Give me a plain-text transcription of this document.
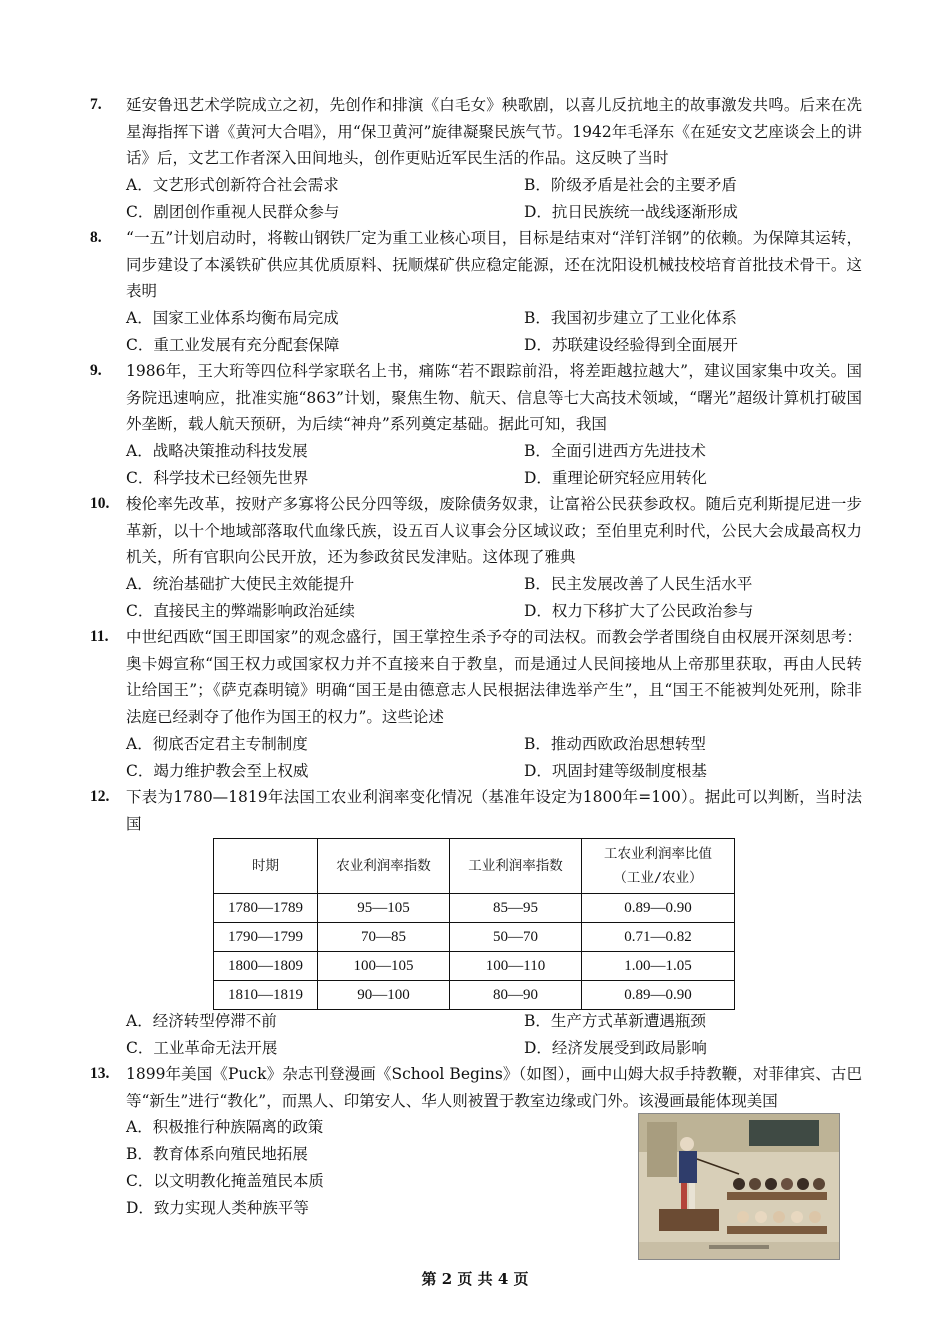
7. 延安鲁迅艺术学院成立之初，先创作和排演《白毛女》秧歌剧，以喜儿反抗地主的故事激发共鸣。后来在冼星海指挥下谱《黄河大合唱》，用“保卫黄河”旋律凝聚民族气节。1942年毛泽东《在延安文艺座谈会上的讲话》后，文艺工作者深入田间地头，创作更贴近军民生活的作品。这反映了当时
A．文艺形式创新符合社会需求	B．阶级矛盾是社会的主要矛盾
C．剧团创作重视人民群众参与	D．抗日民族统一战线逐渐形成
8. “一五”计划启动时，将鞍山钢铁厂定为重工业核心项目，目标是结束对“洋钉洋钢”的依赖。为保障其运转，同步建设了本溪铁矿供应其优质原料、抚顺煤矿供应稳定能源，还在沈阳设机械技校培育首批技术骨干。这表明
A．国家工业体系均衡布局完成	B．我国初步建立了工业化体系
C．重工业发展有充分配套保障	D．苏联建设经验得到全面展开
9. 1986年，王大珩等四位科学家联名上书，痛陈“若不跟踪前沿，将差距越拉越大”，建议国家集中攻关。国务院迅速响应，批准实施“863”计划，聚焦生物、航天、信息等七大高技术领域，“曙光”超级计算机打破国外垄断，载人航天预研，为后续“神舟”系列奠定基础。据此可知，我国
A．战略决策推动科技发展	B．全面引进西方先进技术
C．科学技术已经领先世界	D．重理论研究轻应用转化
10. 梭伦率先改革，按财产多寡将公民分四等级，废除债务奴隶，让富裕公民获参政权。随后克利斯提尼进一步革新，以十个地域部落取代血缘氏族，设五百人议事会分区域议政；至伯里克利时代，公民大会成最高权力机关，所有官职向公民开放，还为参政贫民发津贴。这体现了雅典
A．统治基础扩大使民主效能提升	B．民主发展改善了人民生活水平
C．直接民主的弊端影响政治延续	D．权力下移扩大了公民政治参与
11. 中世纪西欧“国王即国家”的观念盛行，国王掌控生杀予夺的司法权。而教会学者围绕自由权展开深刻思考：奥卡姆宣称“国王权力或国家权力并不直接来自于教皇，而是通过人民间接地从上帝那里获取，再由人民转让给国王”；《萨克森明镜》明确“国王是由德意志人民根据法律选举产生”，且“国王不能被判处死刑，除非法庭已经剥夺了他作为国王的权力”。这些论述
A．彻底否定君主专制制度	B．推动西欧政治思想转型
C．竭力维护教会至上权威	D．巩固封建等级制度根基
12. 下表为1780—1819年法国工农业利润率变化情况（基准年设定为1800年=100）。据此可以判断，当时法国
时期	农业利润率指数	工业利润率指数	工农业利润率比值
（工业/农业）
1780—1789	95—105	85—95	0.89—0.90
1790—1799	70—85	50—70	0.71—0.82
1800—1809	100—105	100—110	1.00—1.05
1810—1819	90—100	80—90	0.89—0.90
A．经济转型停滞不前	B．生产方式革新遭遇瓶颈
C．工业革命无法开展	D．经济发展受到政局影响
13. 1899年美国《Puck》杂志刊登漫画《School Begins》（如图），画中山姆大叔手持教鞭，对菲律宾、古巴等“新生”进行“教化”，而黑人、印第安人、华人则被置于教室边缘或门外。该漫画最能体现美国
A．积极推行种族隔离的政策
B．教育体系向殖民地拓展
C．以文明教化掩盖殖民本质
D．致力实现人类种族平等
第 2 页 共 4 页
